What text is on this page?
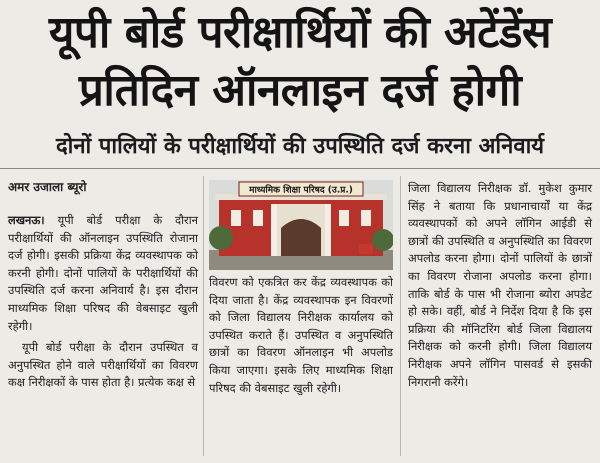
यूपी बोर्ड परीक्षार्थियों की अटेंडेंस
प्रतिदिन ऑनलाइन दर्ज होगी
दोनों पालियों के परीक्षार्थियों की उपस्थिति दर्ज करना अनिवार्य
अमर उजाला ब्यूरो

लखनऊ। यूपी बोर्ड परीक्षा के दौरान परीक्षार्थियों की ऑनलाइन उपस्थिति रोजाना दर्ज होगी। इसकी प्रक्रिया केंद्र व्यवस्थापक को करनी होगी। दोनों पालियों के परीक्षार्थियों की उपस्थिति दर्ज करना अनिवार्य है। इस दौरान माध्यमिक शिक्षा परिषद की वेबसाइट खुली रहेगी।

यूपी बोर्ड परीक्षा के दौरान उपस्थित व अनुपस्थित होने वाले परीक्षार्थियों का विवरण कक्ष निरीक्षकों के पास होता है। प्रत्येक कक्ष से

माध्यमिक शिक्षा परिषद (उ.प्र.)

विवरण को एकत्रित कर केंद्र व्यवस्थापक को दिया जाता है। केंद्र व्यवस्थापक इन विवरणों को जिला विद्यालय निरीक्षक कार्यालय को उपस्थित कराते हैं। उपस्थित व अनुपस्थिति छात्रों का विवरण ऑनलाइन भी अपलोड किया जाएगा। इसके लिए माध्यमिक शिक्षा परिषद की वेबसाइट खुली रहेगी।

जिला विद्यालय निरीक्षक डॉ. मुकेश कुमार सिंह ने बताया कि प्रधानाचार्यों या केंद्र व्यवस्थापकों को अपने लॉगिन आईडी से छात्रों की उपस्थिति व अनुपस्थिति का विवरण अपलोड करना होगा। दोनों पालियों के छात्रों का विवरण रोजाना अपलोड करना होगा। ताकि बोर्ड के पास भी रोजाना ब्योरा अपडेट हो सके। वहीं, बोर्ड ने निर्देश दिया है कि इस प्रक्रिया की मॉनिटरिंग बोर्ड जिला विद्यालय निरीक्षक को करनी होगी। जिला विद्यालय निरीक्षक अपने लॉगिन पासवर्ड से इसकी निगरानी करेंगे।
